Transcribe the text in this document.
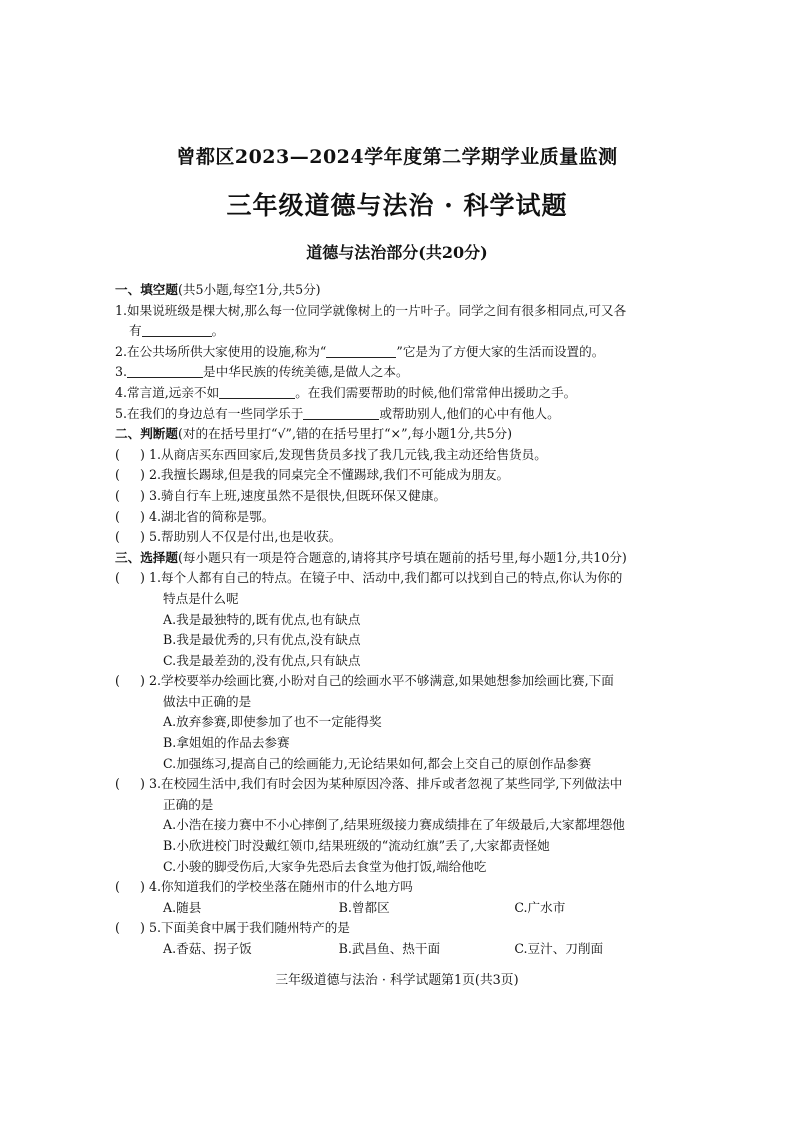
曾都区2023—2024学年度第二学期学业质量监测
三年级道德与法治 · 科学试题
道德与法治部分(共20分)
一、填空题(共5小题,每空1分,共5分)
1.如果说班级是棵大树,那么每一位同学就像树上的一片叶子。同学之间有很多相同点,可又各
有	。
2.在公共场所供大家使用的设施,称为“	”它是为了方便大家的生活而设置的。
3.	是中华民族的传统美德,是做人之本。
4.常言道,远亲不如	。在我们需要帮助的时候,他们常常伸出援助之手。
5.在我们的身边总有一些同学乐于	或帮助别人,他们的心中有他人。
二、判断题(对的在括号里打“√”,错的在括号里打“×”,每小题1分,共5分)
( ) 1.从商店买东西回家后,发现售货员多找了我几元钱,我主动还给售货员。
( ) 2.我擅长踢球,但是我的同桌完全不懂踢球,我们不可能成为朋友。
( ) 3.骑自行车上班,速度虽然不是很快,但既环保又健康。
( ) 4.湖北省的简称是鄂。
( ) 5.帮助别人不仅是付出,也是收获。
三、选择题(每小题只有一项是符合题意的,请将其序号填在题前的括号里,每小题1分,共10分)
( ) 1.每个人都有自己的特点。在镜子中、活动中,我们都可以找到自己的特点,你认为你的
特点是什么呢
A.我是最独特的,既有优点,也有缺点
B.我是最优秀的,只有优点,没有缺点
C.我是最差劲的,没有优点,只有缺点
( ) 2.学校要举办绘画比赛,小盼对自己的绘画水平不够满意,如果她想参加绘画比赛,下面
做法中正确的是
A.放弃参赛,即使参加了也不一定能得奖
B.拿姐姐的作品去参赛
C.加强练习,提高自己的绘画能力,无论结果如何,都会上交自己的原创作品参赛
( ) 3.在校园生活中,我们有时会因为某种原因冷落、排斥或者忽视了某些同学,下列做法中
正确的是
A.小浩在接力赛中不小心摔倒了,结果班级接力赛成绩排在了年级最后,大家都埋怨他
B.小欣进校门时没戴红领巾,结果班级的“流动红旗”丢了,大家都责怪她
C.小骏的脚受伤后,大家争先恐后去食堂为他打饭,端给他吃
( ) 4.你知道我们的学校坐落在随州市的什么地方吗
A.随县	B.曾都区	C.广水市
( ) 5.下面美食中属于我们随州特产的是
A.香菇、拐子饭	B.武昌鱼、热干面	C.豆汁、刀削面
三年级道德与法治 · 科学试题第1页(共3页)
